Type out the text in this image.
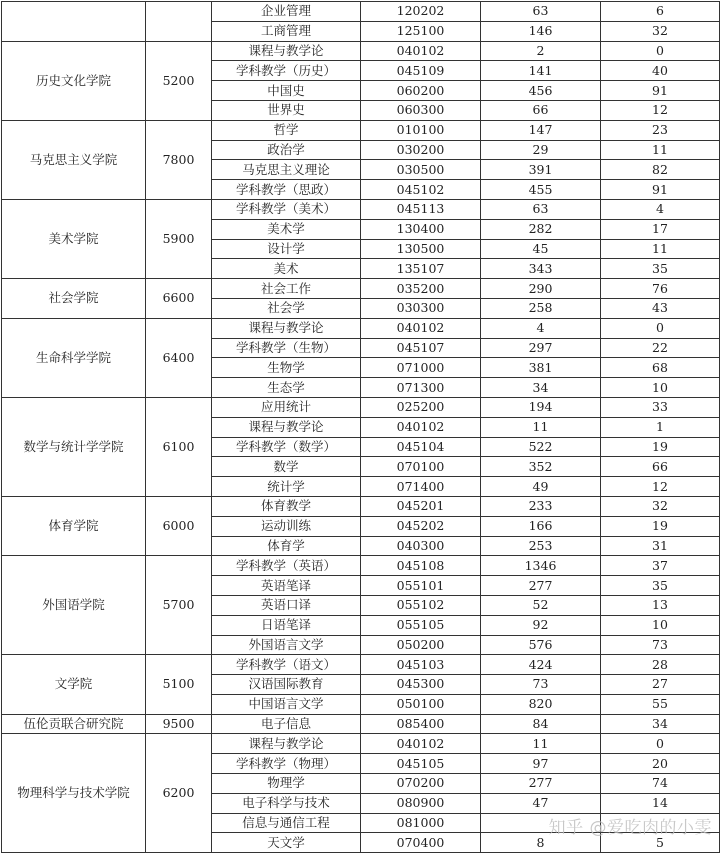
		企业管理	120202	63	6
		工商管理	125100	146	32
历史文化学院	5200	课程与教学论	040102	2	0
		学科教学（历史）	045109	141	40
		中国史	060200	456	91
		世界史	060300	66	12
马克思主义学院	7800	哲学	010100	147	23
		政治学	030200	29	11
		马克思主义理论	030500	391	82
		学科教学（思政）	045102	455	91
美术学院	5900	学科教学（美术）	045113	63	4
		美术学	130400	282	17
		设计学	130500	45	11
		美术	135107	343	35
社会学院	6600	社会工作	035200	290	76
		社会学	030300	258	43
生命科学学院	6400	课程与教学论	040102	4	0
		学科教学（生物）	045107	297	22
		生物学	071000	381	68
		生态学	071300	34	10
数学与统计学学院	6100	应用统计	025200	194	33
		课程与教学论	040102	11	1
		学科教学（数学）	045104	522	19
		数学	070100	352	66
		统计学	071400	49	12
体育学院	6000	体育教学	045201	233	32
		运动训练	045202	166	19
		体育学	040300	253	31
外国语学院	5700	学科教学（英语）	045108	1346	37
		英语笔译	055101	277	35
		英语口译	055102	52	13
		日语笔译	055105	92	10
		外国语言文学	050200	576	73
文学院	5100	学科教学（语文）	045103	424	28
		汉语国际教育	045300	73	27
		中国语言文学	050100	820	55
伍伦贡联合研究院	9500	电子信息	085400	84	34
物理科学与技术学院	6200	课程与教学论	040102	11	0
		学科教学（物理）	045105	97	20
		物理学	070200	277	74
		电子科学与技术	080900	47	14
		信息与通信工程	081000		
		天文学	070400	8	5
知乎 @爱吃肉的小雯
